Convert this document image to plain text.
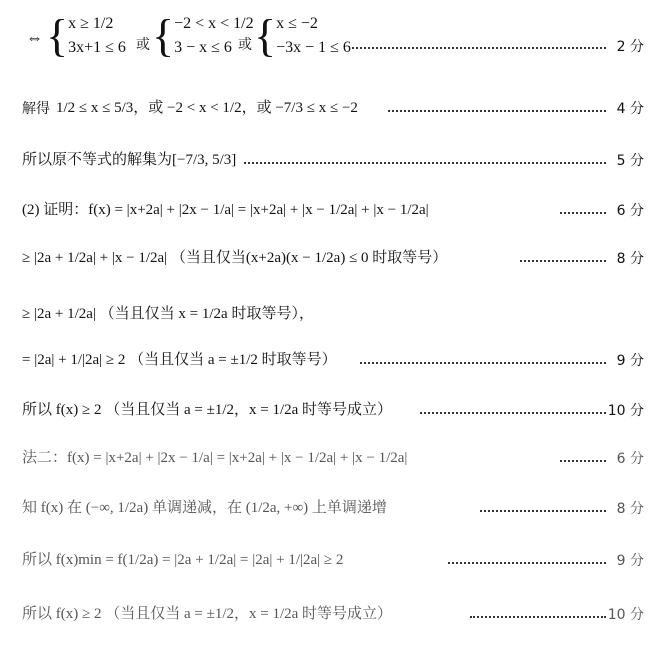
⇔ { x ≥ 1/2
3x+1 ≤ 6 或 { −2 < x < 1/2
3 − x ≤ 6 或 { x ≤ −2
−3x − 1 ≤ 6	2 分
解得 1/2 ≤ x ≤ 5/3，或 −2 < x < 1/2，或 −7/3 ≤ x ≤ −2	4 分
所以原不等式的解集为[−7/3, 5/3]	5 分
(2) 证明：f(x) = |x+2a| + |2x − 1/a| = |x+2a| + |x − 1/2a| + |x − 1/2a|	6 分
≥ |2a + 1/2a| + |x − 1/2a| （当且仅当(x+2a)(x − 1/2a) ≤ 0 时取等号）	8 分
≥ |2a + 1/2a| （当且仅当 x = 1/2a 时取等号），
= |2a| + 1/|2a| ≥ 2 （当且仅当 a = ±1/2 时取等号）	9 分
所以 f(x) ≥ 2 （当且仅当 a = ±1/2，x = 1/2a 时等号成立）	10 分
法二：f(x) = |x+2a| + |2x − 1/a| = |x+2a| + |x − 1/2a| + |x − 1/2a|	6 分
知 f(x) 在 (−∞, 1/2a) 单调递减，在 (1/2a, +∞) 上单调递增	8 分
所以 f(x)min = f(1/2a) = |2a + 1/2a| = |2a| + 1/|2a| ≥ 2	9 分
所以 f(x) ≥ 2 （当且仅当 a = ±1/2，x = 1/2a 时等号成立）	10 分
